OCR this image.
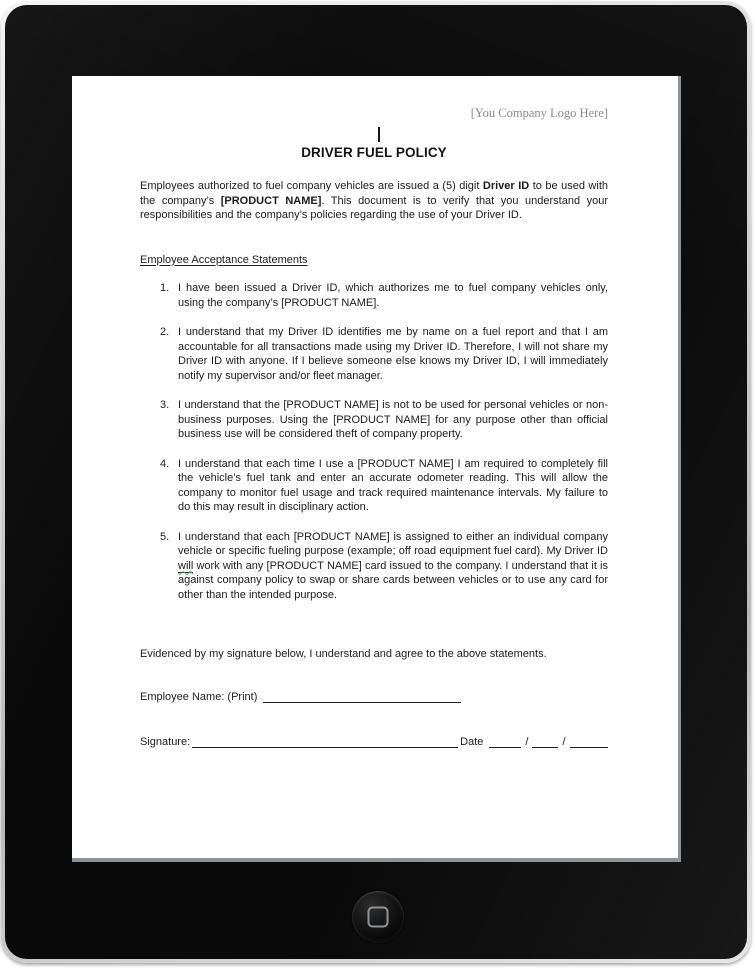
[You Company Logo Here]
DRIVER FUEL POLICY

Employees authorized to fuel company vehicles are issued a (5) digit Driver ID to be used with the company’s [PRODUCT NAME]. This document is to verify that you understand your responsibilities and the company’s policies regarding the use of your Driver ID.

Employee Acceptance Statements
1. I have been issued a Driver ID, which authorizes me to fuel company vehicles only, using the company’s [PRODUCT NAME].
2. I understand that my Driver ID identifies me by name on a fuel report and that I am accountable for all transactions made using my Driver ID. Therefore, I will not share my Driver ID with anyone. If I believe someone else knows my Driver ID, I will immediately notify my supervisor and/or fleet manager.
3. I understand that the [PRODUCT NAME] is not to be used for personal vehicles or non-business purposes. Using the [PRODUCT NAME] for any purpose other than official business use will be considered theft of company property.
4. I understand that each time I use a [PRODUCT NAME] I am required to completely fill the vehicle’s fuel tank and enter an accurate odometer reading. This will allow the company to monitor fuel usage and track required maintenance intervals. My failure to do this may result in disciplinary action.
5. I understand that each [PRODUCT NAME] is assigned to either an individual company vehicle or specific fueling purpose (example; off road equipment fuel card). My Driver ID will work with any [PRODUCT NAME] card issued to the company. I understand that it is against company policy to swap or share cards between vehicles or to use any card for other than the intended purpose.

Evidenced by my signature below, I understand and agree to the above statements.

Employee Name: (Print)
Signature:	Date	/	/
